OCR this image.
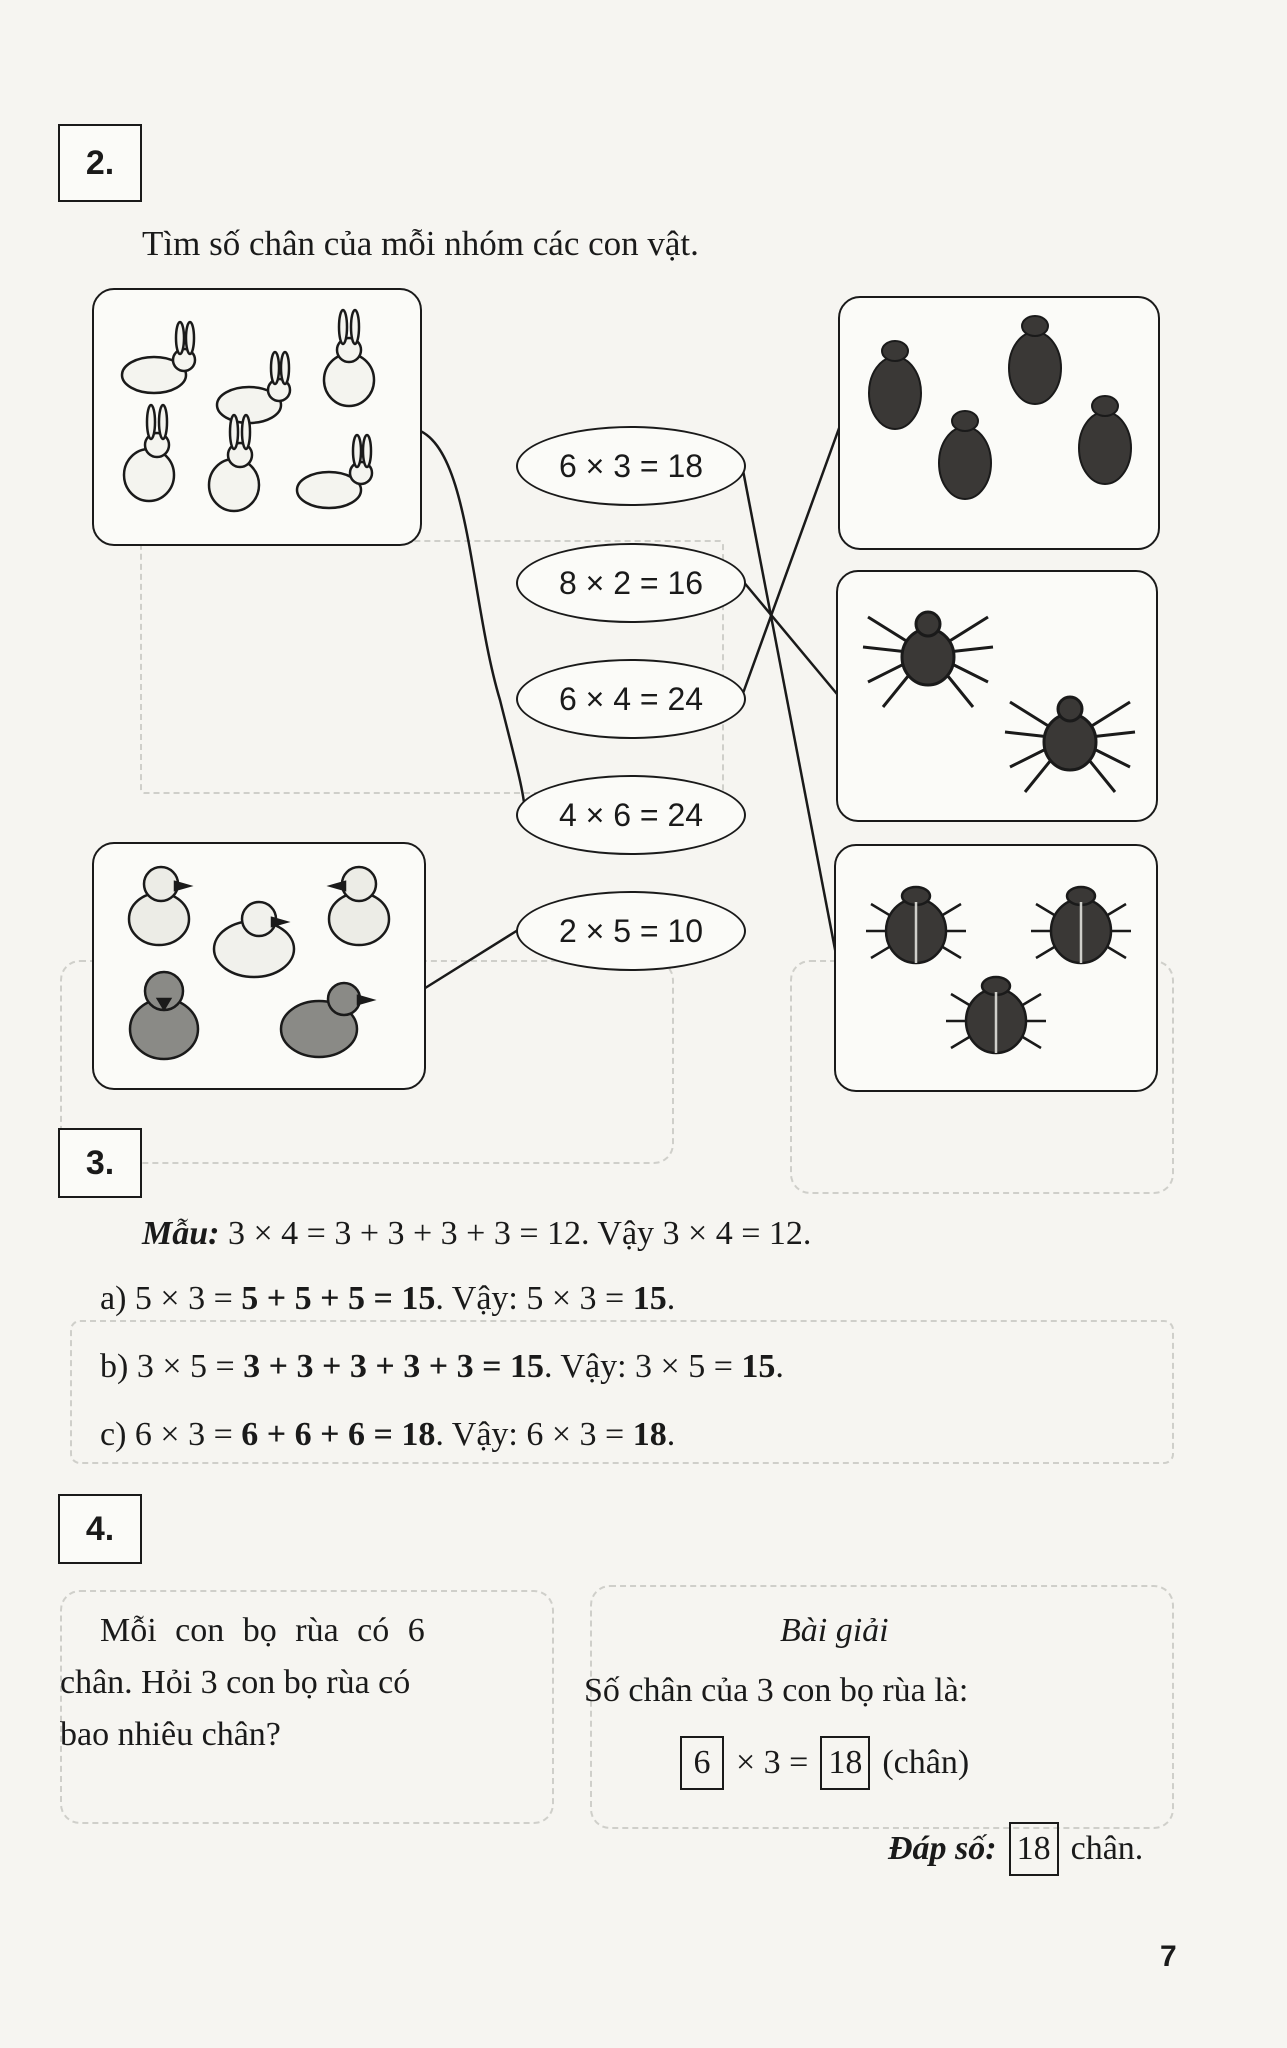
2.
Tìm số chân của mỗi nhóm các con vật.
6 × 3 = 18
8 × 2 = 16
6 × 4 = 24
4 × 6 = 24
2 × 5 = 10
3.
Mẫu: 3 × 4 = 3 + 3 + 3 + 3 = 12. Vậy 3 × 4 = 12.
a) 5 × 3 = 5 + 5 + 5 = 15. Vậy: 5 × 3 = 15.
b) 3 × 5 = 3 + 3 + 3 + 3 + 3 = 15. Vậy: 3 × 5 = 15.
c) 6 × 3 = 6 + 6 + 6 = 18. Vậy: 6 × 3 = 18.
4.
Mỗi con bọ rùa có 6
chân. Hỏi 3 con bọ rùa có
bao nhiêu chân?
Bài giải
Số chân của 3 con bọ rùa là:
6 × 3 = 18 (chân)
Đáp số: 18 chân.
7
